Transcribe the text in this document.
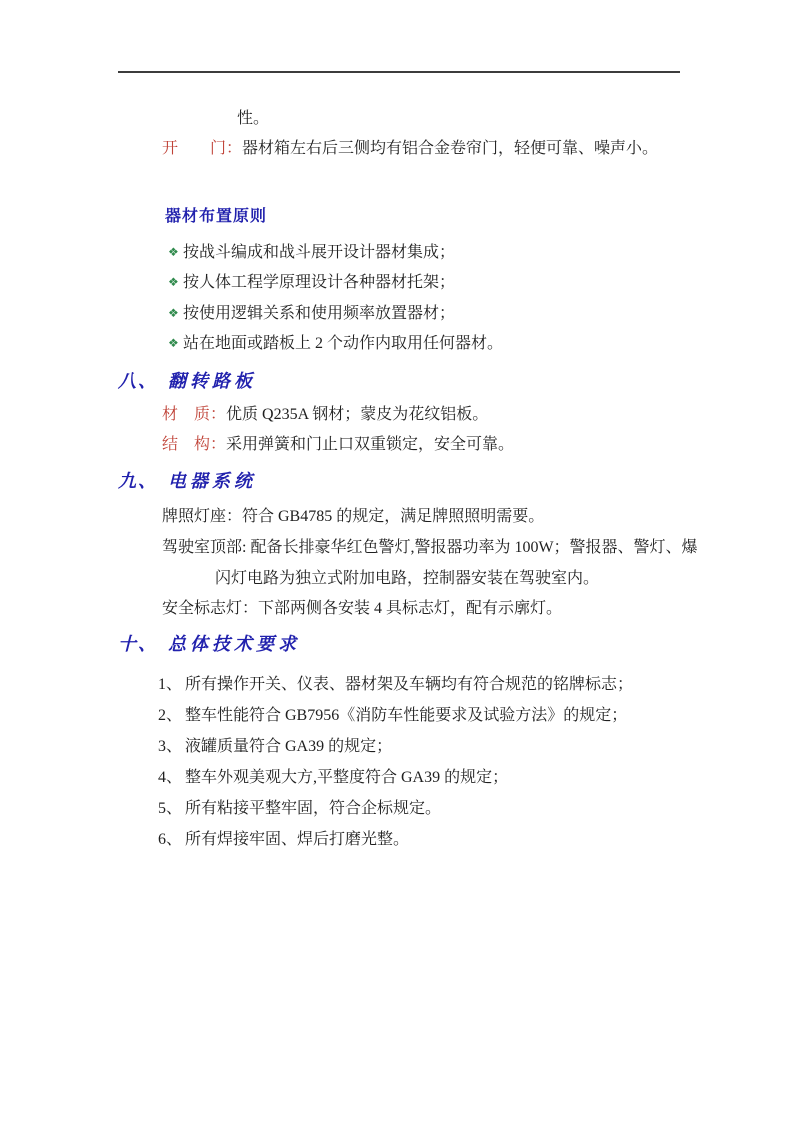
性。
开　　门：器材箱左右后三侧均有铝合金卷帘门，轻便可靠、噪声小。
器材布置原则
❖ 按战斗编成和战斗展开设计器材集成；
❖ 按人体工程学原理设计各种器材托架；
❖ 按使用逻辑关系和使用频率放置器材；
❖ 站在地面或踏板上 2 个动作内取用任何器材。
八、 翻转路板
材　质：优质 Q235A 钢材；蒙皮为花纹铝板。
结　构：采用弹簧和门止口双重锁定，安全可靠。
九、 电器系统
牌照灯座：符合 GB4785 的规定，满足牌照照明需要。
驾驶室顶部: 配备长排豪华红色警灯,警报器功率为 100W；警报器、警灯、爆
闪灯电路为独立式附加电路，控制器安装在驾驶室内。
安全标志灯：下部两侧各安装 4 具标志灯，配有示廓灯。
十、 总体技术要求
1、 所有操作开关、仪表、器材架及车辆均有符合规范的铭牌标志；
2、 整车性能符合 GB7956《消防车性能要求及试验方法》的规定；
3、 液罐质量符合 GA39 的规定；
4、 整车外观美观大方,平整度符合 GA39 的规定；
5、 所有粘接平整牢固，符合企标规定。
6、 所有焊接牢固、焊后打磨光整。
